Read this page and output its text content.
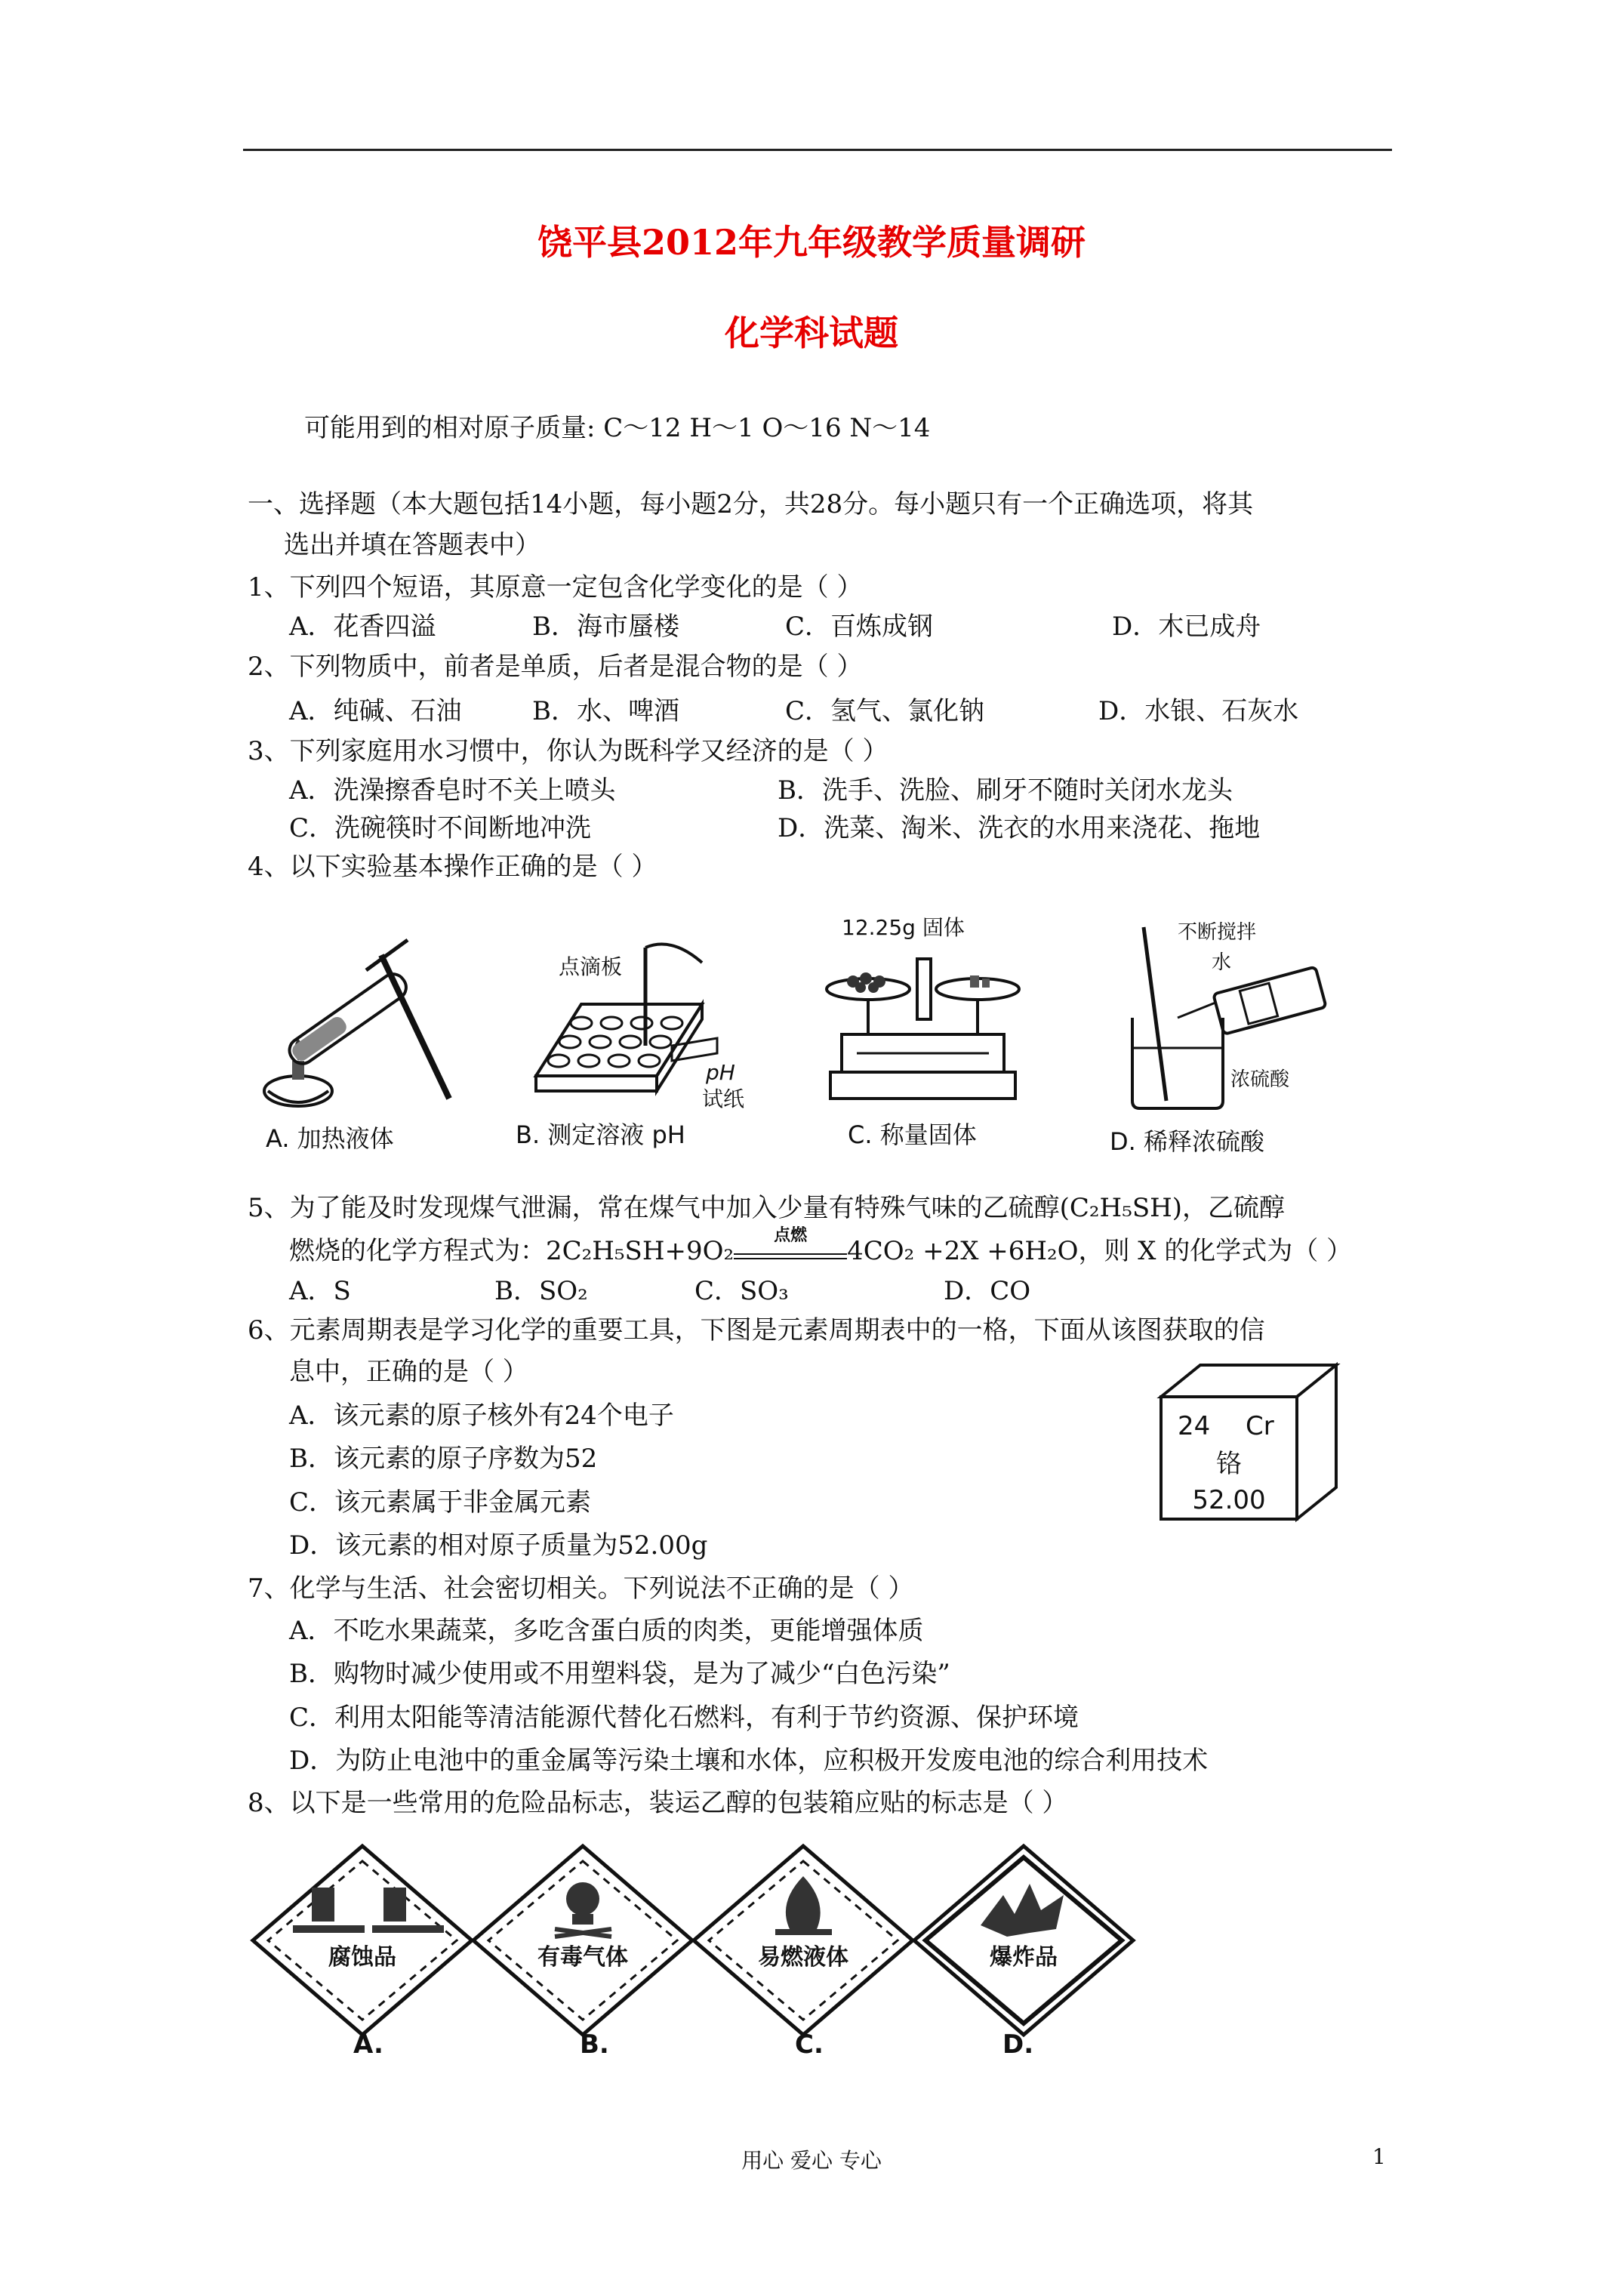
饶平县2012年九年级教学质量调研
化学科试题
可能用到的相对原子质量: C～12 H～1 O～16 N～14
一、选择题（本大题包括14小题，每小题2分，共28分。每小题只有一个正确选项，将其
选出并填在答题表中）
1、下列四个短语，其原意一定包含化学变化的是（ ）
A．花香四溢	B．海市蜃楼	C．百炼成钢	D．木已成舟
2、下列物质中，前者是单质，后者是混合物的是（ ）
A．纯碱、石油	B．水、啤酒	C．氢气、氯化钠	D．水银、石灰水
3、下列家庭用水习惯中，你认为既科学又经济的是（ ）
A．洗澡擦香皂时不关上喷头	B．洗手、洗脸、刷牙不随时关闭水龙头
C．洗碗筷时不间断地冲洗	D．洗菜、淘米、洗衣的水用来浇花、拖地
4、以下实验基本操作正确的是（ ）
A. 加热液体
点滴板
pH
试纸
B. 测定溶液 pH
12.25g 固体
C. 称量固体
不断搅拌
水
浓硫酸
D. 稀释浓硫酸
5、为了能及时发现煤气泄漏，常在煤气中加入少量有特殊气味的乙硫醇(C₂H₅SH)，乙硫醇
燃烧的化学方程式为：2C₂H₅SH+9O₂
点燃
4CO₂ +2X +6H₂O，则 X 的化学式为（ ）
A．S	B．SO₂	C．SO₃	D．CO
6、元素周期表是学习化学的重要工具，下图是元素周期表中的一格，下面从该图获取的信
息中，正确的是（ ）
A．该元素的原子核外有24个电子
B．该元素的原子序数为52
C．该元素属于非金属元素
D．该元素的相对原子质量为52.00g
24 Cr
铬
52.00
7、化学与生活、社会密切相关。下列说法不正确的是（ ）
A．不吃水果蔬菜，多吃含蛋白质的肉类，更能增强体质
B．购物时减少使用或不用塑料袋，是为了减少“白色污染”
C．利用太阳能等清洁能源代替化石燃料，有利于节约资源、保护环境
D．为防止电池中的重金属等污染土壤和水体，应积极开发废电池的综合利用技术
8、以下是一些常用的危险品标志，装运乙醇的包装箱应贴的标志是（ ）
腐蚀品	有毒气体	易燃液体	爆炸品
A.	B.	C.	D.
用心 爱心 专心	1
